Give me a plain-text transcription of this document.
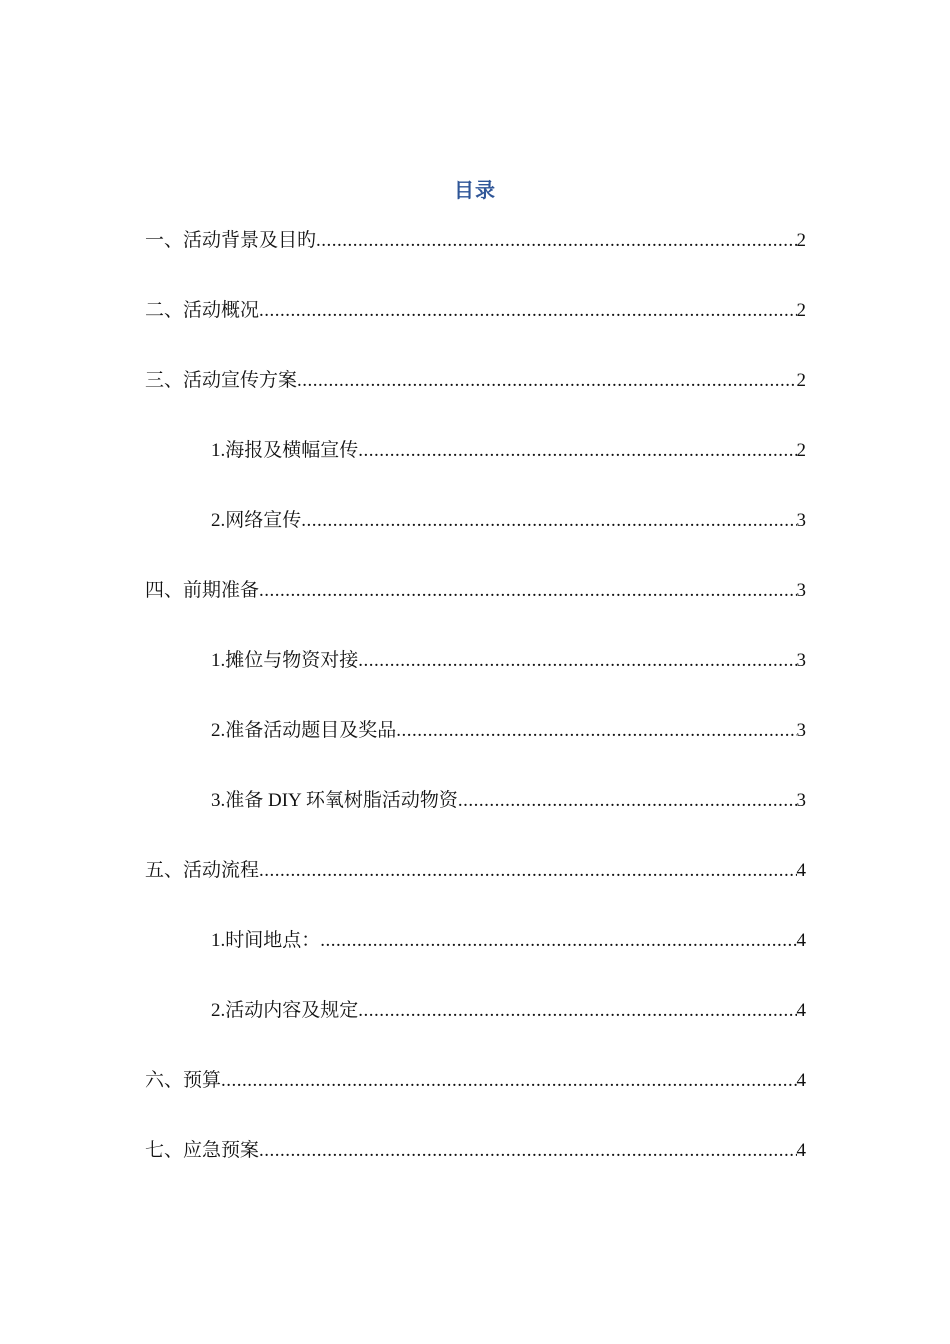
目录
一、活动背景及目旳 .....	2
二、活动概况 .....	2
三、活动宣传方案 .....	2
1.海报及横幅宣传 .....	2
2.网络宣传 .....	3
四、前期准备 .....	3
1.摊位与物资对接 .....	3
2.准备活动题目及奖品 .....	3
3.准备 DIY 环氧树脂活动物资 .....	3
五、活动流程 .....	4
1.时间地点： .....	4
2.活动内容及规定 .....	4
六、预算 .....	4
七、应急预案 .....	4
